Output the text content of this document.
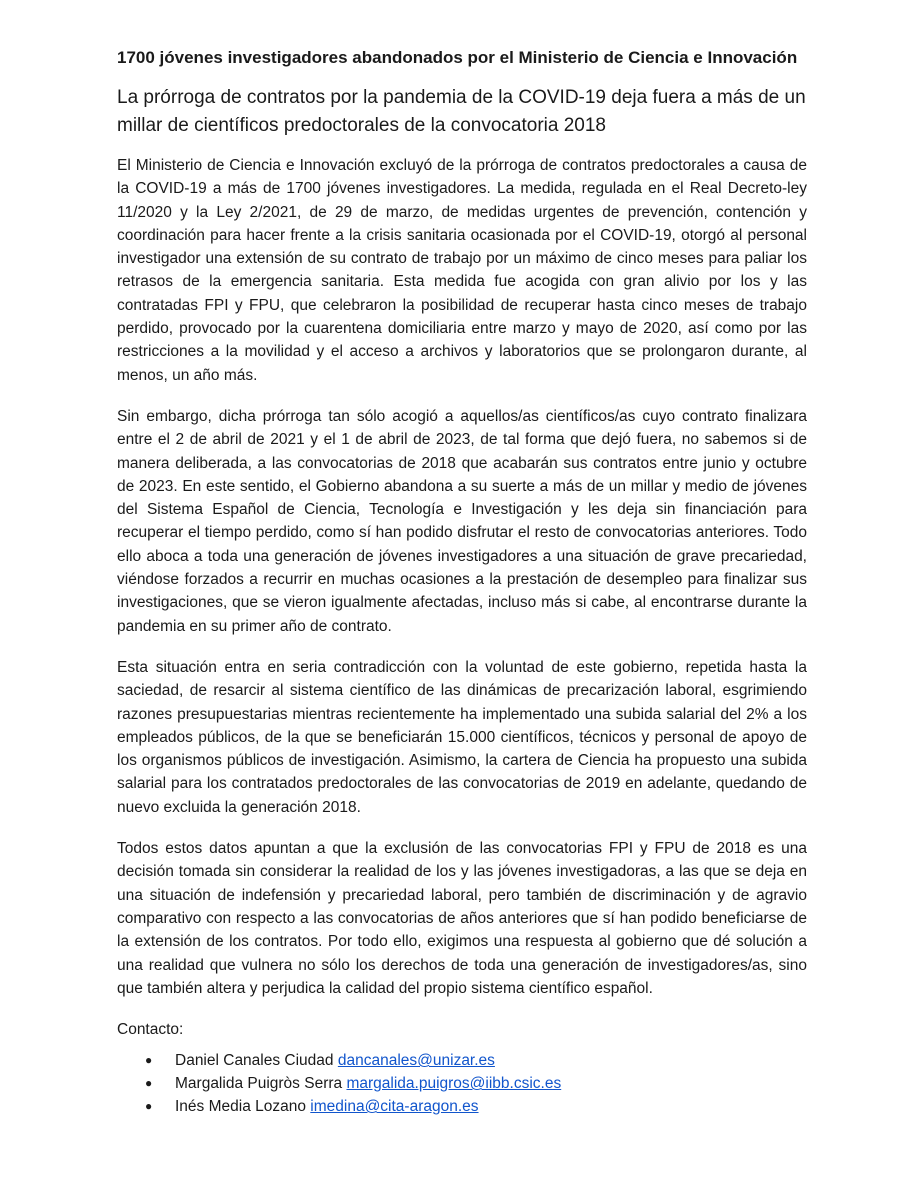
1700 jóvenes investigadores abandonados por el Ministerio de Ciencia e Innovación
La prórroga de contratos por la pandemia de la COVID-19 deja fuera a más de un millar de científicos predoctorales de la convocatoria 2018

El Ministerio de Ciencia e Innovación excluyó de la prórroga de contratos predoctorales a causa de la COVID-19 a más de 1700 jóvenes investigadores. La medida, regulada en el Real Decreto-ley 11/2020 y la Ley 2/2021, de 29 de marzo, de medidas urgentes de prevención, contención y coordinación para hacer frente a la crisis sanitaria ocasionada por el COVID-19, otorgó al personal investigador una extensión de su contrato de trabajo por un máximo de cinco meses para paliar los retrasos de la emergencia sanitaria. Esta medida fue acogida con gran alivio por los y las contratadas FPI y FPU, que celebraron la posibilidad de recuperar hasta cinco meses de trabajo perdido, provocado por la cuarentena domiciliaria entre marzo y mayo de 2020, así como por las restricciones a la movilidad y el acceso a archivos y laboratorios que se prolongaron durante, al menos, un año más.

Sin embargo, dicha prórroga tan sólo acogió a aquellos/as científicos/as cuyo contrato finalizara entre el 2 de abril de 2021 y el 1 de abril de 2023, de tal forma que dejó fuera, no sabemos si de manera deliberada, a las convocatorias de 2018 que acabarán sus contratos entre junio y octubre de 2023. En este sentido, el Gobierno abandona a su suerte a más de un millar y medio de jóvenes del Sistema Español de Ciencia, Tecnología e Investigación y les deja sin financiación para recuperar el tiempo perdido, como sí han podido disfrutar el resto de convocatorias anteriores. Todo ello aboca a toda una generación de jóvenes investigadores a una situación de grave precariedad, viéndose forzados a recurrir en muchas ocasiones a la prestación de desempleo para finalizar sus investigaciones, que se vieron igualmente afectadas, incluso más si cabe, al encontrarse durante la pandemia en su primer año de contrato.

Esta situación entra en seria contradicción con la voluntad de este gobierno, repetida hasta la saciedad, de resarcir al sistema científico de las dinámicas de precarización laboral, esgrimiendo razones presupuestarias mientras recientemente ha implementado una subida salarial del 2% a los empleados públicos, de la que se beneficiarán 15.000 científicos, técnicos y personal de apoyo de los organismos públicos de investigación. Asimismo, la cartera de Ciencia ha propuesto una subida salarial para los contratados predoctorales de las convocatorias de 2019 en adelante, quedando de nuevo excluida la generación 2018.

Todos estos datos apuntan a que la exclusión de las convocatorias FPI y FPU de 2018 es una decisión tomada sin considerar la realidad de los y las jóvenes investigadoras, a las que se deja en una situación de indefensión y precariedad laboral, pero también de discriminación y de agravio comparativo con respecto a las convocatorias de años anteriores que sí han podido beneficiarse de la extensión de los contratos. Por todo ello, exigimos una respuesta al gobierno que dé solución a una realidad que vulnera no sólo los derechos de toda una generación de investigadores/as, sino que también altera y perjudica la calidad del propio sistema científico español.

Contacto:
● Daniel Canales Ciudad dancanales@unizar.es
● Margalida Puigròs Serra margalida.puigros@iibb.csic.es
● Inés Media Lozano imedina@cita-aragon.es
